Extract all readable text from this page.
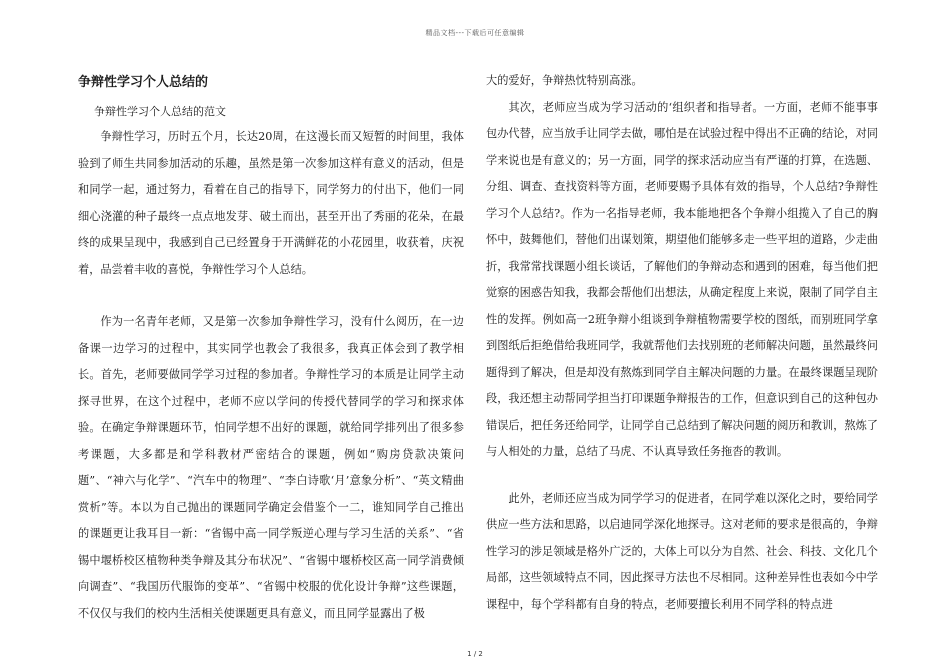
精品文档---下载后可任意编辑
争辩性学习个人总结的

争辩性学习个人总结的范文

争辩性学习，历时五个月，长达20周，在这漫长而又短暂的时间里，我体验到了师生共同参加活动的乐趣，虽然是第一次参加这样有意义的活动，但是和同学一起，通过努力，看着在自己的指导下，同学努力的付出下，他们一同细心浇灌的种子最终一点点地发芽、破土而出，甚至开出了秀丽的花朵，在最终的成果呈现中，我感到自己已经置身于开满鲜花的小花园里，收获着，庆祝着，品尝着丰收的喜悦，争辩性学习个人总结。

作为一名青年老师，又是第一次参加争辩性学习，没有什么阅历，在一边备课一边学习的过程中，其实同学也教会了我很多，我真正体会到了教学相长。首先，老师要做同学学习过程的参加者。争辩性学习的本质是让同学主动探寻世界，在这个过程中，老师不应以学问的传授代替同学的学习和探求体验。在确定争辩课题环节，怕同学想不出好的课题，就给同学排列出了很多参考课题，大多都是和学科教材严密结合的课题，例如“购房贷款决策问题”、“神六与化学”、“汽车中的物理”、“李白诗歌‘月’意象分析”、“英文精曲赏析”等。本以为自己抛出的课题同学确定会借鉴个一二，谁知同学自己推出的课题更让我耳目一新：“省锡中高一同学叛逆心理与学习生活的关系”、“省锡中堰桥校区植物种类争辩及其分布状况”、“省锡中堰桥校区高一同学消费倾向调查”、“我国历代服饰的变革”、“省锡中校服的优化设计争辩”这些课题，不仅仅与我们的校内生活相关使课题更具有意义，而且同学显露出了极

大的爱好，争辩热忱特别高涨。

其次，老师应当成为学习活动的‘组织者和指导者。一方面，老师不能事事包办代替，应当放手让同学去做，哪怕是在试验过程中得出不正确的结论，对同学来说也是有意义的；另一方面，同学的探求活动应当有严谨的打算，在选题、分组、调查、查找资料等方面，老师要赐予具体有效的指导，个人总结?争辩性学习个人总结?。作为一名指导老师，我本能地把各个争辩小组揽入了自己的胸怀中，鼓舞他们，替他们出谋划策，期望他们能够多走一些平坦的道路，少走曲折，我常常找课题小组长谈话，了解他们的争辩动态和遇到的困难，每当他们把觉察的困惑告知我，我都会帮他们出想法，从确定程度上来说，限制了同学自主性的发挥。例如高一2班争辩小组谈到争辩植物需要学校的图纸，而别班同学拿到图纸后拒绝借给我班同学，我就帮他们去找别班的老师解决问题，虽然最终问题得到了解决，但是却没有熬炼到同学自主解决问题的力量。在最终课题呈现阶段，我还想主动帮同学担当打印课题争辩报告的工作，但意识到自己的这种包办错误后，把任务还给同学，让同学自己总结到了解决问题的阅历和教训，熬炼了与人相处的力量，总结了马虎、不认真导致任务拖沓的教训。

此外，老师还应当成为同学学习的促进者，在同学难以深化之时，要给同学供应一些方法和思路，以启迪同学深化地探寻。这对老师的要求是很高的，争辩性学习的涉足领域是格外广泛的，大体上可以分为自然、社会、科技、文化几个局部，这些领域特点不同，因此探寻方法也不尽相同。这种差异性也表如今中学课程中，每个学科都有自身的特点，老师要擅长利用不同学科的特点进

1 / 2
